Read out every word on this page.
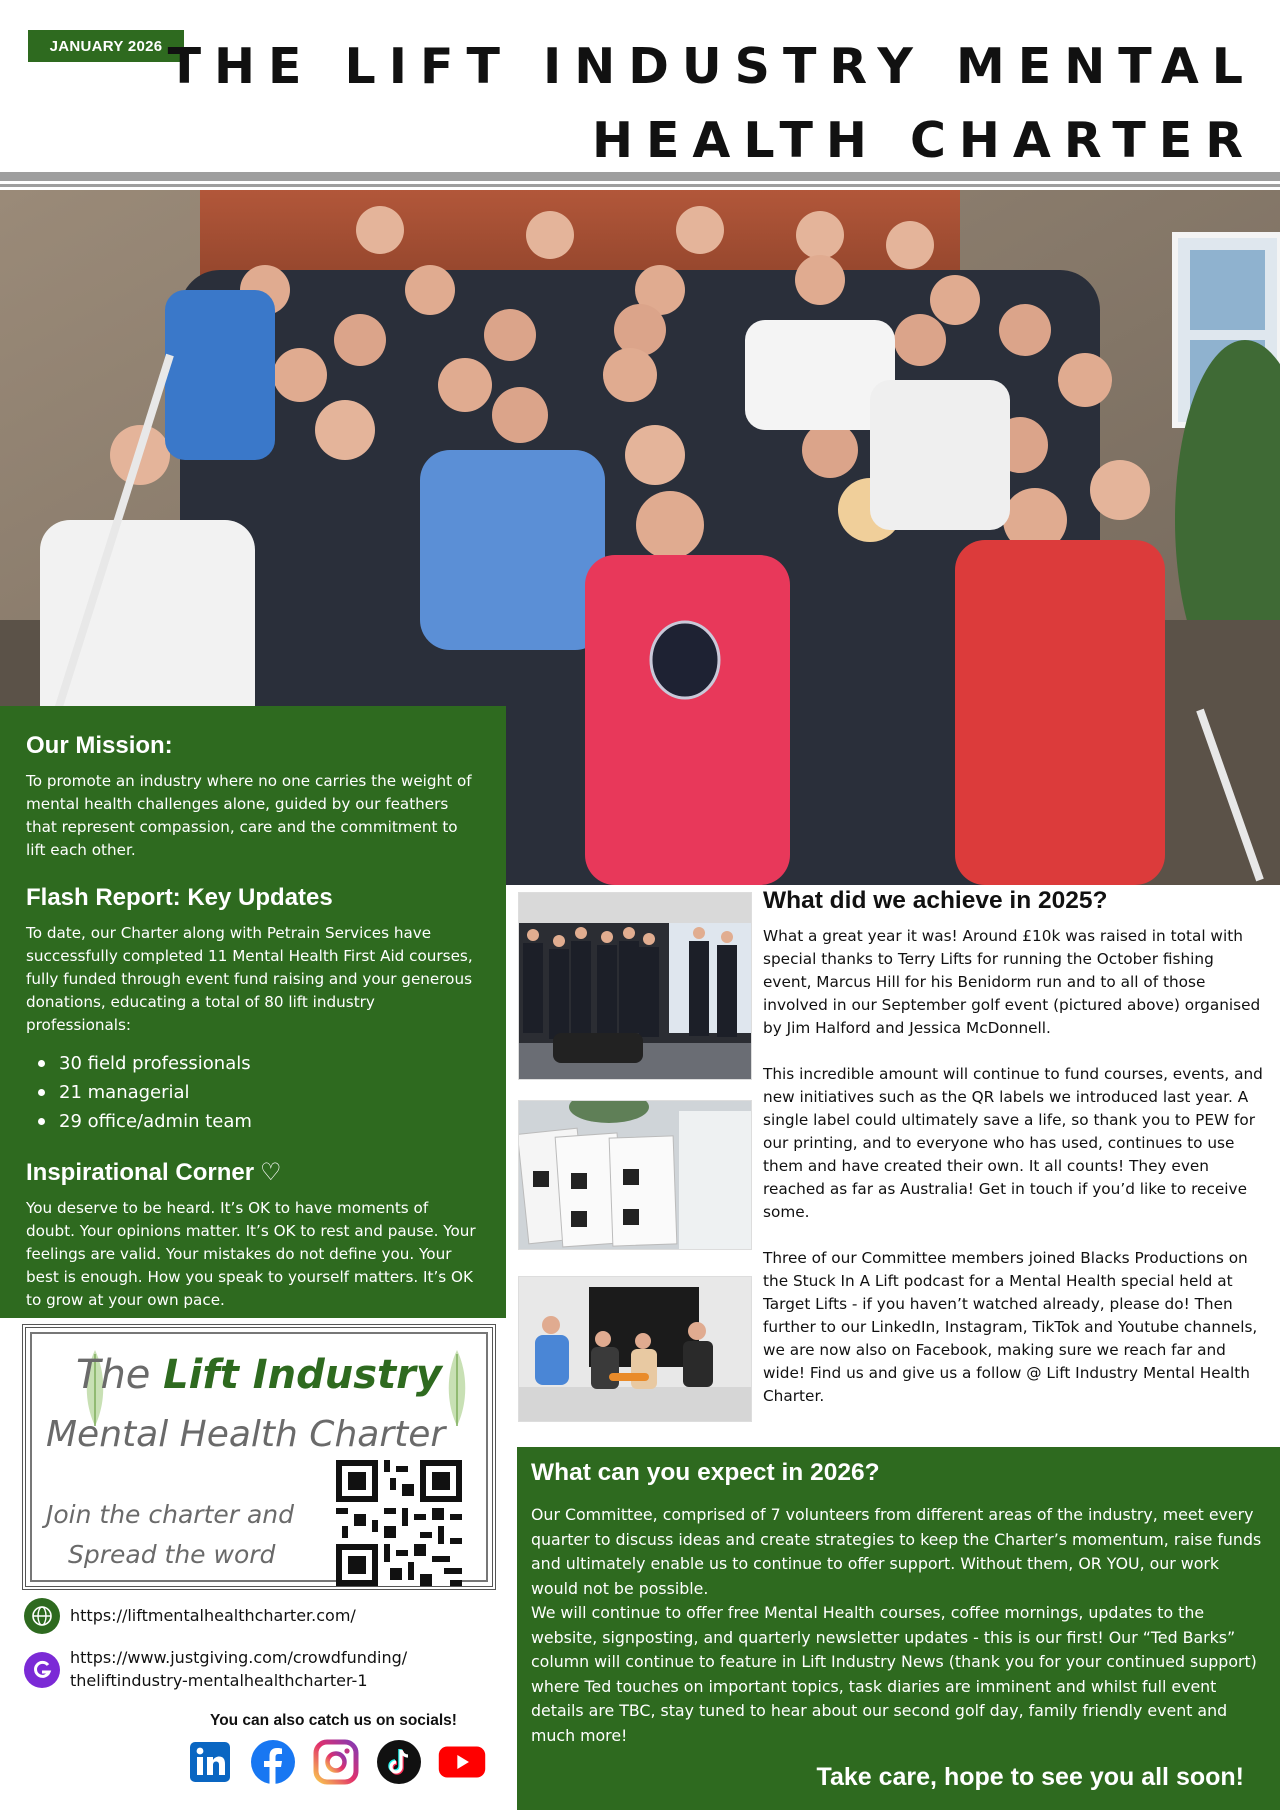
JANUARY 2026 THE LIFT INDUSTRY MENTAL
HEALTH CHARTER
Our Mission:

To promote an industry where no one carries the weight of mental health challenges alone, guided by our feathers that represent compassion, care and the commitment to lift each other.

Flash Report: Key Updates

To date, our Charter along with Petrain Services have successfully completed 11 Mental Health First Aid courses, fully funded through event fund raising and your generous donations, educating a total of 80 lift industry professionals:

30 field professionals
21 managerial
29 office/admin team
Inspirational Corner ♡

You deserve to be heard. It’s OK to have moments of doubt. Your opinions matter. It’s OK to rest and pause. Your feelings are valid. Your mistakes do not define you. Your best is enough. How you speak to yourself matters. It’s OK to grow at your own pace.

The Lift Industry
Mental Health Charter
Join the charter and
Spread the word
https://liftmentalhealthcharter.com/
https://www.justgiving.com/crowdfunding/
theliftindustry-mentalhealthcharter-1
You can also catch us on socials!
What did we achieve in 2025?

What a great year it was! Around £10k was raised in total with special thanks to Terry Lifts for running the October fishing event, Marcus Hill for his Benidorm run and to all of those involved in our September golf event (pictured above) organised by Jim Halford and Jessica McDonnell.

This incredible amount will continue to fund courses, events, and new initiatives such as the QR labels we introduced last year. A single label could ultimately save a life, so thank you to PEW for our printing, and to everyone who has used, continues to use them and have created their own. It all counts! They even reached as far as Australia! Get in touch if you’d like to receive some.

Three of our Committee members joined Blacks Productions on the Stuck In A Lift podcast for a Mental Health special held at Target Lifts - if you haven’t watched already, please do! Then further to our LinkedIn, Instagram, TikTok and Youtube channels, we are now also on Facebook, making sure we reach far and wide! Find us and give us a follow @ Lift Industry Mental Health Charter.

What can you expect in 2026?

Our Committee, comprised of 7 volunteers from different areas of the industry, meet every quarter to discuss ideas and create strategies to keep the Charter’s momentum, raise funds and ultimately enable us to continue to offer support. Without them, OR YOU, our work would not be possible.

We will continue to offer free Mental Health courses, coffee mornings, updates to the website, signposting, and quarterly newsletter updates - this is our first! Our “Ted Barks” column will continue to feature in Lift Industry News (thank you for your continued support) where Ted touches on important topics, task diaries are imminent and whilst full event details are TBC, stay tuned to hear about our second golf day, family friendly event and much more!

Take care, hope to see you all soon!
